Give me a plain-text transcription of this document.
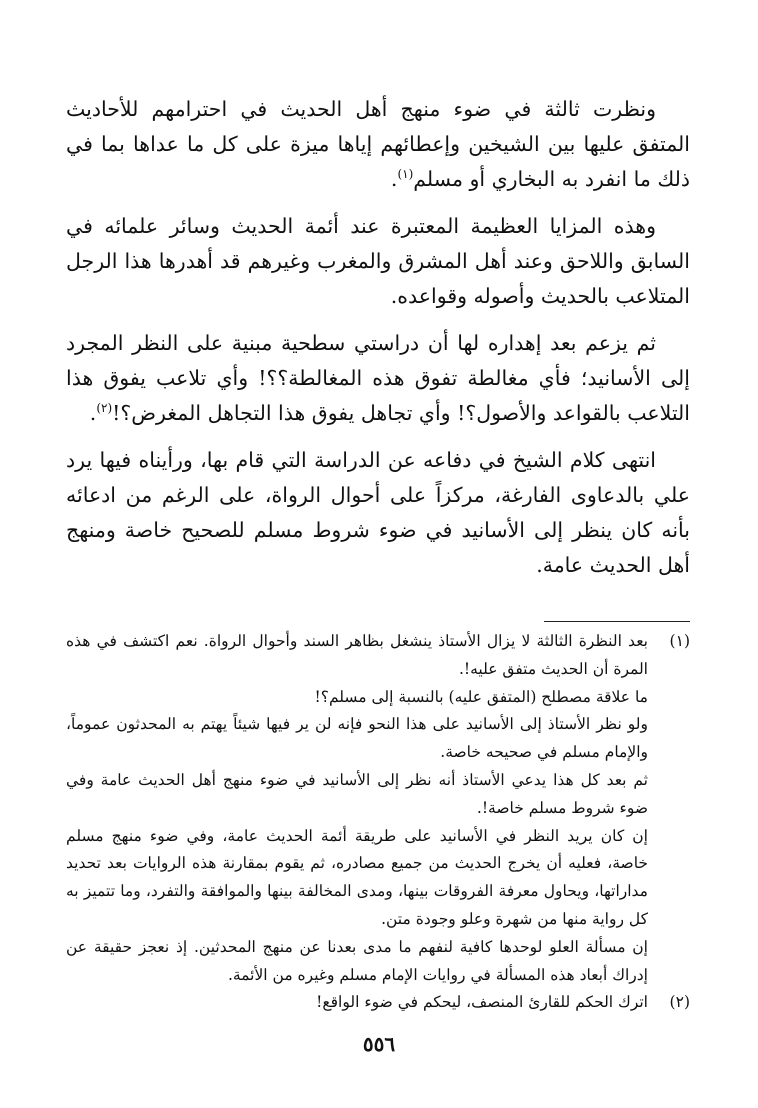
ونظرت ثالثة في ضوء منهج أهل الحديث في احترامهم للأحاديث المتفق عليها بين الشيخين وإعطائهم إياها ميزة على كل ما عداها بما في ذلك ما انفرد به البخاري أو مسلم$^{(١)}$.

وهذه المزايا العظيمة المعتبرة عند أئمة الحديث وسائر علمائه في السابق واللاحق وعند أهل المشرق والمغرب وغيرهم قد أهدرها هذا الرجل المتلاعب بالحديث وأصوله وقواعده.

ثم يزعم بعد إهداره لها أن دراستي سطحية مبنية على النظر المجرد إلى الأسانيد؛ فأي مغالطة تفوق هذه المغالطة؟؟! وأي تلاعب يفوق هذا التلاعب بالقواعد والأصول؟! وأي تجاهل يفوق هذا التجاهل المغرض؟!$^{(٢)}$.

انتهى كلام الشيخ في دفاعه عن الدراسة التي قام بها، ورأيناه فيها يرد علي بالدعاوى الفارغة، مركزاً على أحوال الرواة، على الرغم من ادعائه بأنه كان ينظر إلى الأسانيد في ضوء شروط مسلم للصحيح خاصة ومنهج أهل الحديث عامة.

(١)

بعد النظرة الثالثة لا يزال الأستاذ ينشغل بظاهر السند وأحوال الرواة. نعم اكتشف في هذه المرة أن الحديث متفق عليه!.

ما علاقة مصطلح (المتفق عليه) بالنسبة إلى مسلم؟!

ولو نظر الأستاذ إلى الأسانيد على هذا النحو فإنه لن ير فيها شيئاً يهتم به المحدثون عموماً، والإمام مسلم في صحيحه خاصة.

ثم بعد كل هذا يدعي الأستاذ أنه نظر إلى الأسانيد في ضوء منهج أهل الحديث عامة وفي ضوء شروط مسلم خاصة!.

إن كان يريد النظر في الأسانيد على طريقة أئمة الحديث عامة، وفي ضوء منهج مسلم خاصة، فعليه أن يخرج الحديث من جميع مصادره، ثم يقوم بمقارنة هذه الروايات بعد تحديد مداراتها، ويحاول معرفة الفروقات بينها، ومدى المخالفة بينها والموافقة والتفرد، وما تتميز به كل رواية منها من شهرة وعلو وجودة متن.

إن مسألة العلو لوحدها كافية لنفهم ما مدى بعدنا عن منهج المحدثين. إذ نعجز حقيقة عن إدراك أبعاد هذه المسألة في روايات الإمام مسلم وغيره من الأئمة.

(٢)

اترك الحكم للقارئ المنصف، ليحكم في ضوء الواقع!

٥٥٦
